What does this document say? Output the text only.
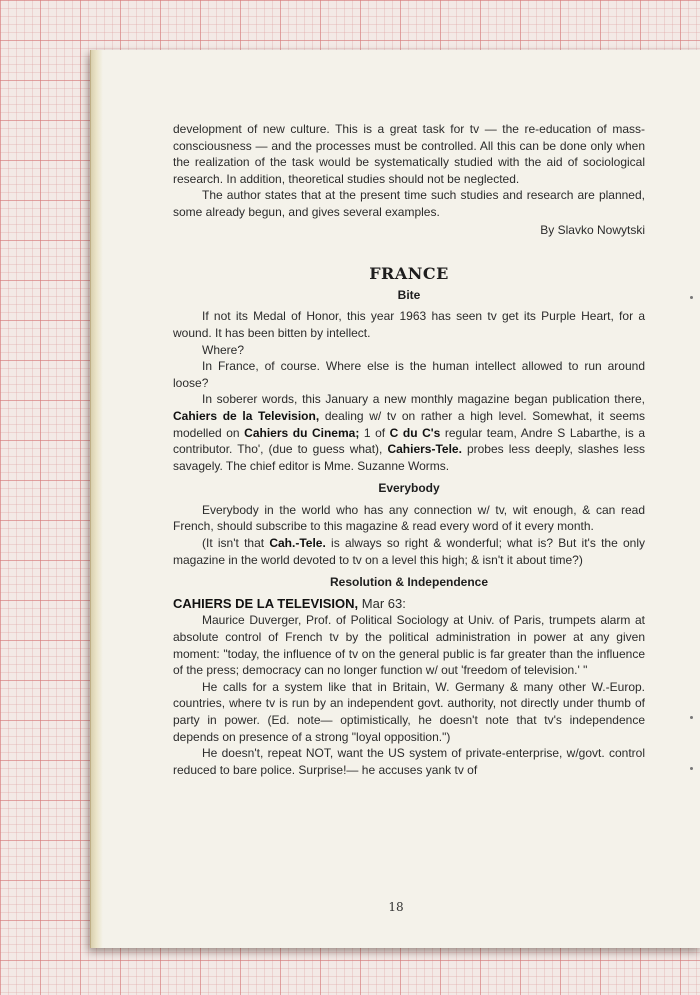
development of new culture. This is a great task for tv — the re-education of mass-consciousness — and the processes must be controlled. All this can be done only when the realization of the task would be systematically studied with the aid of sociological research. In addition, theoretical studies should not be neglected.

The author states that at the present time such studies and research are planned, some already begun, and gives several examples.

By Slavko Nowytski

FRANCE
Bite

If not its Medal of Honor, this year 1963 has seen tv get its Purple Heart, for a wound. It has been bitten by intellect.

Where?

In France, of course. Where else is the human intellect allowed to run around loose?

In soberer words, this January a new monthly magazine began publication there, Cahiers de la Television, dealing w/ tv on rather a high level. Somewhat, it seems modelled on Cahiers du Cinema; 1 of C du C's regular team, Andre S Labarthe, is a contributor. Tho', (due to guess what), Cahiers-Tele. probes less deeply, slashes less savagely. The chief editor is Mme. Suzanne Worms.

Everybody

Everybody in the world who has any connection w/ tv, wit enough, & can read French, should subscribe to this magazine & read every word of it every month.

(It isn't that Cah.-Tele. is always so right & wonderful; what is? But it's the only magazine in the world devoted to tv on a level this high; & isn't it about time?)

Resolution & Independence

CAHIERS DE LA TELEVISION, Mar 63:

Maurice Duverger, Prof. of Political Sociology at Univ. of Paris, trumpets alarm at absolute control of French tv by the political administration in power at any given moment: "today, the influence of tv on the general public is far greater than the influence of the press; democracy can no longer function w/ out 'freedom of television.' "

He calls for a system like that in Britain, W. Germany & many other W.-Europ. countries, where tv is run by an independent govt. authority, not directly under thumb of party in power. (Ed. note— optimistically, he doesn't note that tv's independence depends on presence of a strong "loyal opposition.")

He doesn't, repeat NOT, want the US system of private-enterprise, w/govt. control reduced to bare police. Surprise!— he accuses yank tv of

18
